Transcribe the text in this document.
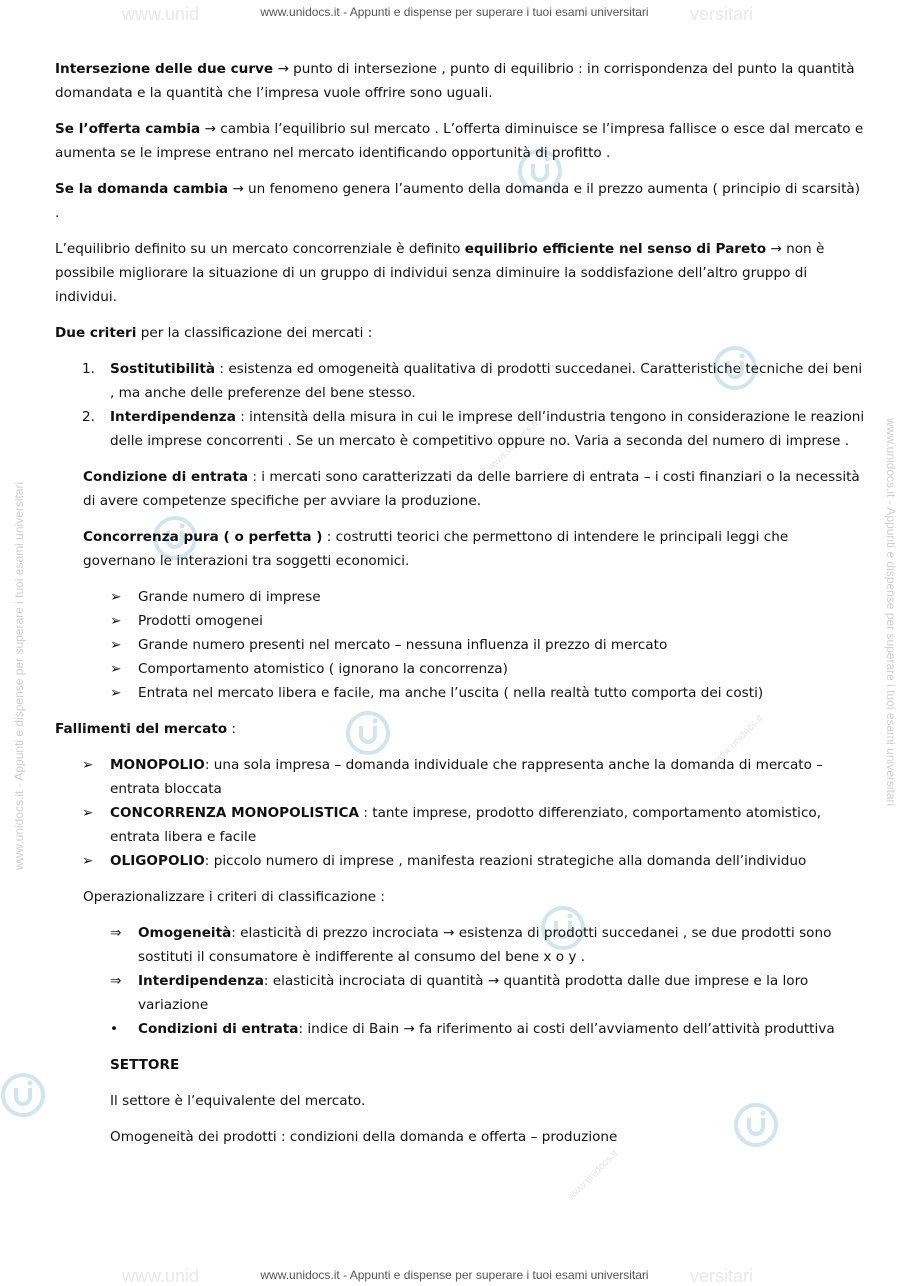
www.unid	versitari
www.unid	versitari
www.unidocs.it - Appunti e dispense per superare i tuoi esami universitari
www.unidocs.it - Appunti e dispense per superare i tuoi esami universitari
www.unidocs.it - Appunti e dispense per superare i tuoi esami universitari	www.unidocs.it - Appunti e dispense per superare i tuoi esami universitari
www.unidocs.it
www.unidocs.it
www.unidocs.it

Intersezione delle due curve → punto di intersezione , punto di equilibrio : in corrispondenza del punto la quantità domandata e la quantità che l’impresa vuole offrire sono uguali.

Se l’offerta cambia → cambia l’equilibrio sul mercato . L’offerta diminuisce se l’impresa fallisce o esce dal mercato e aumenta se le imprese entrano nel mercato identificando opportunità di profitto .

Se la domanda cambia → un fenomeno genera l’aumento della domanda e il prezzo aumenta ( principio di scarsità) .

L’equilibrio definito su un mercato concorrenziale è definito equilibrio efficiente nel senso di Pareto → non è possibile migliorare la situazione di un gruppo di individui senza diminuire la soddisfazione dell’altro gruppo di individui.

Due criteri per la classificazione dei mercati :

1.	Sostitutibilità : esistenza ed omogeneità qualitativa di prodotti succedanei. Caratteristiche tecniche dei beni , ma anche delle preferenze del bene stesso.
2.	Interdipendenza : intensità della misura in cui le imprese dell’industria tengono in considerazione le reazioni delle imprese concorrenti . Se un mercato è competitivo oppure no. Varia a seconda del numero di imprese .

Condizione di entrata : i mercati sono caratterizzati da delle barriere di entrata – i costi finanziari o la necessità di avere competenze specifiche per avviare la produzione.

Concorrenza pura ( o perfetta ) : costrutti teorici che permettono di intendere le principali leggi che governano le interazioni tra soggetti economici.

➢	Grande numero di imprese
➢	Prodotti omogenei
➢	Grande numero presenti nel mercato – nessuna influenza il prezzo di mercato
➢	Comportamento atomistico ( ignorano la concorrenza)
➢	Entrata nel mercato libera e facile, ma anche l’uscita ( nella realtà tutto comporta dei costi)

Fallimenti del mercato :

➢	MONOPOLIO: una sola impresa – domanda individuale che rappresenta anche la domanda di mercato – entrata bloccata
➢	CONCORRENZA MONOPOLISTICA : tante imprese, prodotto differenziato, comportamento atomistico, entrata libera e facile
➢	OLIGOPOLIO: piccolo numero di imprese , manifesta reazioni strategiche alla domanda dell’individuo

Operazionalizzare i criteri di classificazione :

⇒	Omogeneità: elasticità di prezzo incrociata → esistenza di prodotti succedanei , se due prodotti sono sostituti il consumatore è indifferente al consumo del bene x o y .
⇒	Interdipendenza: elasticità incrociata di quantità → quantità prodotta dalle due imprese e la loro variazione
•	Condizioni di entrata: indice di Bain → fa riferimento ai costi dell’avviamento dell’attività produttiva

SETTORE

Il settore è l’equivalente del mercato.

Omogeneità dei prodotti : condizioni della domanda e offerta – produzione
